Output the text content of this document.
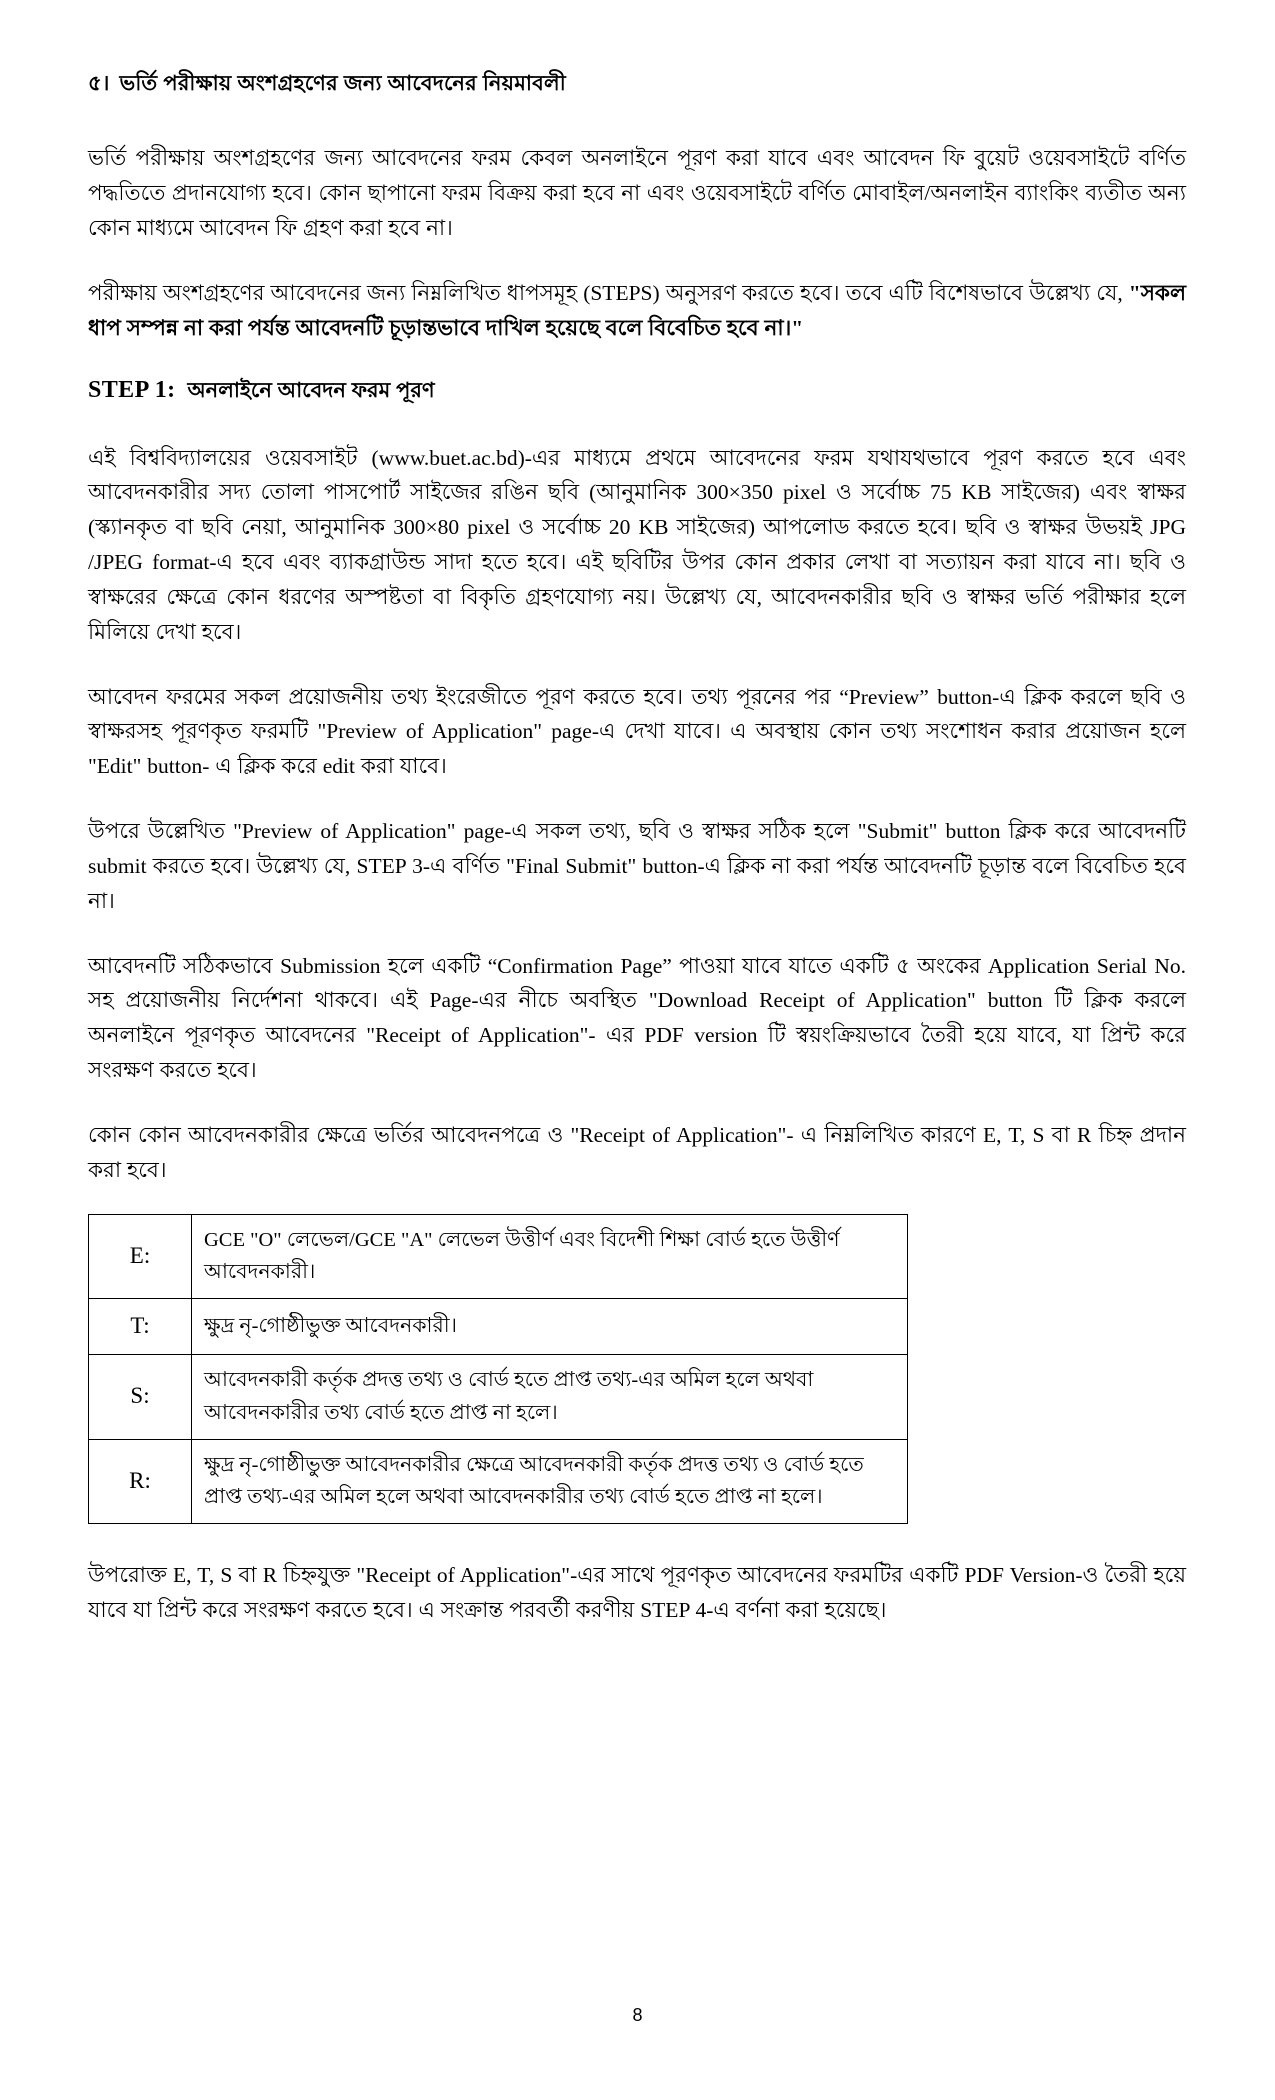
৫। ভর্তি পরীক্ষায় অংশগ্রহণের জন্য আবেদনের নিয়মাবলী

ভর্তি পরীক্ষায় অংশগ্রহণের জন্য আবেদনের ফরম কেবল অনলাইনে পূরণ করা যাবে এবং আবেদন ফি বুয়েট ওয়েবসাইটে বর্ণিত পদ্ধতিতে প্রদানযোগ্য হবে। কোন ছাপানো ফরম বিক্রয় করা হবে না এবং ওয়েবসাইটে বর্ণিত মোবাইল/অনলাইন ব্যাংকিং ব্যতীত অন্য কোন মাধ্যমে আবেদন ফি গ্রহণ করা হবে না।

পরীক্ষায় অংশগ্রহণের আবেদনের জন্য নিম্নলিখিত ধাপসমূহ (STEPS) অনুসরণ করতে হবে। তবে এটি বিশেষভাবে উল্লেখ্য যে, "সকল ধাপ সম্পন্ন না করা পর্যন্ত আবেদনটি চূড়ান্তভাবে দাখিল হয়েছে বলে বিবেচিত হবে না।"

STEP 1: অনলাইনে আবেদন ফরম পূরণ

এই বিশ্ববিদ্যালয়ের ওয়েবসাইট (www.buet.ac.bd)-এর মাধ্যমে প্রথমে আবেদনের ফরম যথাযথভাবে পূরণ করতে হবে এবং আবেদনকারীর সদ্য তোলা পাসপোর্ট সাইজের রঙিন ছবি (আনুমানিক 300×350 pixel ও সর্বোচ্চ 75 KB সাইজের) এবং স্বাক্ষর (স্ক্যানকৃত বা ছবি নেয়া, আনুমানিক 300×80 pixel ও সর্বোচ্চ 20 KB সাইজের) আপলোড করতে হবে। ছবি ও স্বাক্ষর উভয়ই JPG /JPEG format-এ হবে এবং ব্যাকগ্রাউন্ড সাদা হতে হবে। এই ছবিটির উপর কোন প্রকার লেখা বা সত্যায়ন করা যাবে না। ছবি ও স্বাক্ষরের ক্ষেত্রে কোন ধরণের অস্পষ্টতা বা বিকৃতি গ্রহণযোগ্য নয়। উল্লেখ্য যে, আবেদনকারীর ছবি ও স্বাক্ষর ভর্তি পরীক্ষার হলে মিলিয়ে দেখা হবে।

আবেদন ফরমের সকল প্রয়োজনীয় তথ্য ইংরেজীতে পূরণ করতে হবে। তথ্য পূরনের পর “Preview” button-এ ক্লিক করলে ছবি ও স্বাক্ষরসহ পূরণকৃত ফরমটি "Preview of Application" page-এ দেখা যাবে। এ অবস্থায় কোন তথ্য সংশোধন করার প্রয়োজন হলে "Edit" button- এ ক্লিক করে edit করা যাবে।

উপরে উল্লেখিত "Preview of Application" page-এ সকল তথ্য, ছবি ও স্বাক্ষর সঠিক হলে "Submit" button ক্লিক করে আবেদনটি submit করতে হবে। উল্লেখ্য যে, STEP 3-এ বর্ণিত "Final Submit" button-এ ক্লিক না করা পর্যন্ত আবেদনটি চূড়ান্ত বলে বিবেচিত হবে না।

আবেদনটি সঠিকভাবে Submission হলে একটি “Confirmation Page” পাওয়া যাবে যাতে একটি ৫ অংকের Application Serial No. সহ প্রয়োজনীয় নির্দেশনা থাকবে। এই Page-এর নীচে অবস্থিত "Download Receipt of Application" button টি ক্লিক করলে অনলাইনে পূরণকৃত আবেদনের "Receipt of Application"- এর PDF version টি স্বয়ংক্রিয়ভাবে তৈরী হয়ে যাবে, যা প্রিন্ট করে সংরক্ষণ করতে হবে।

কোন কোন আবেদনকারীর ক্ষেত্রে ভর্তির আবেদনপত্রে ও "Receipt of Application"- এ নিম্নলিখিত কারণে E, T, S বা R চিহ্ন প্রদান করা হবে।

E:	GCE "O" লেভেল/GCE "A" লেভেল উত্তীর্ণ এবং বিদেশী শিক্ষা বোর্ড হতে উত্তীর্ণ আবেদনকারী।
T:	ক্ষুদ্র নৃ-গোষ্ঠীভুক্ত আবেদনকারী।
S:	আবেদনকারী কর্তৃক প্রদত্ত তথ্য ও বোর্ড হতে প্রাপ্ত তথ্য-এর অমিল হলে অথবা আবেদনকারীর তথ্য বোর্ড হতে প্রাপ্ত না হলে।
R:	ক্ষুদ্র নৃ-গোষ্ঠীভুক্ত আবেদনকারীর ক্ষেত্রে আবেদনকারী কর্তৃক প্রদত্ত তথ্য ও বোর্ড হতে প্রাপ্ত তথ্য-এর অমিল হলে অথবা আবেদনকারীর তথ্য বোর্ড হতে প্রাপ্ত না হলে।

উপরোক্ত E, T, S বা R চিহ্নযুক্ত "Receipt of Application"-এর সাথে পূরণকৃত আবেদনের ফরমটির একটি PDF Version-ও তৈরী হয়ে যাবে যা প্রিন্ট করে সংরক্ষণ করতে হবে। এ সংক্রান্ত পরবর্তী করণীয় STEP 4-এ বর্ণনা করা হয়েছে।

8
